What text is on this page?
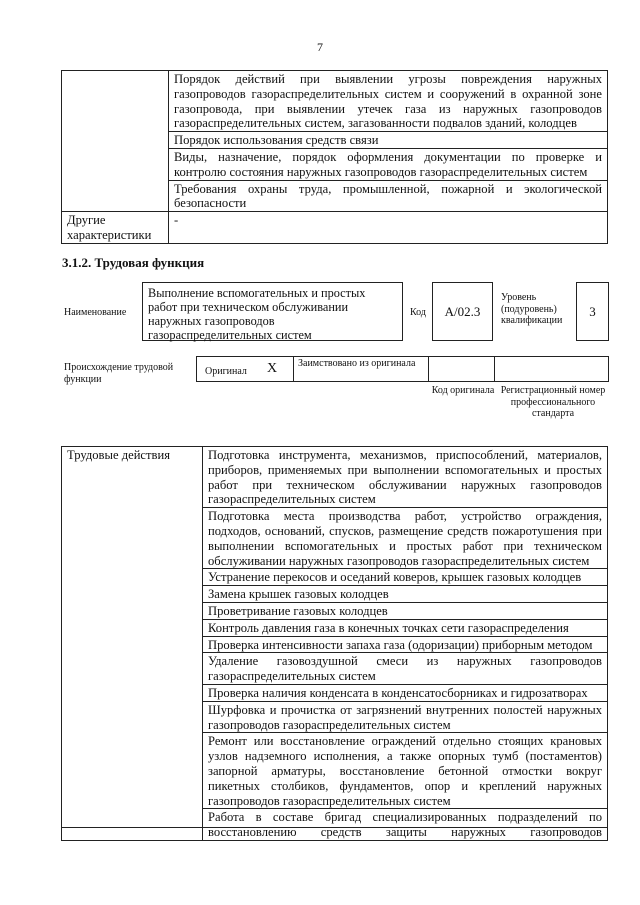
7
	Порядок действий при выявлении угрозы повреждения наружных газопроводов газораспределительных систем и сооружений в охранной зоне газопровода, при выявлении утечек газа из наружных газопроводов газораспределительных систем, загазованности подвалов зданий, колодцев
	Порядок использования средств связи
	Виды, назначение, порядок оформления документации по проверке и контролю состояния наружных газопроводов газораспределительных систем
	Требования охраны труда, промышленной, пожарной и экологической безопасности
Другие характеристики	-
3.1.2. Трудовая функция
Наименование
Выполнение вспомогательных и простых работ при техническом обслуживании наружных газопроводов газораспределительных систем
Код	A/02.3
Уровень (подуровень) квалификации
3
Происхождение трудовой функции
Оригинал X Заимствовано из оригинала
Код оригинала Регистрационный номер профессионального стандарта
Трудовые действия	Подготовка инструмента, механизмов, приспособлений, материалов, приборов, применяемых при выполнении вспомогательных и простых работ при техническом обслуживании наружных газопроводов газораспределительных систем
Подготовка места производства работ, устройство ограждения, подходов, оснований, спусков, размещение средств пожаротушения при выполнении вспомогательных и простых работ при техническом обслуживании наружных газопроводов газораспределительных систем
Устранение перекосов и оседаний коверов, крышек газовых колодцев
Замена крышек газовых колодцев
Проветривание газовых колодцев
Контроль давления газа в конечных точках сети газораспределения
Проверка интенсивности запаха газа (одоризации) приборным методом
Удаление газовоздушной смеси из наружных газопроводов газораспределительных систем
Проверка наличия конденсата в конденсатосборниках и гидрозатворах
Шурфовка и прочистка от загрязнений внутренних полостей наружных газопроводов газораспределительных систем
Ремонт или восстановление ограждений отдельно стоящих крановых узлов надземного исполнения, а также опорных тумб (постаментов) запорной арматуры, восстановление бетонной отмостки вокруг пикетных столбиков, фундаментов, опор и креплений наружных газопроводов газораспределительных систем
Работа в составе бригад специализированных подразделений по восстановлению средств защиты наружных газопроводов
